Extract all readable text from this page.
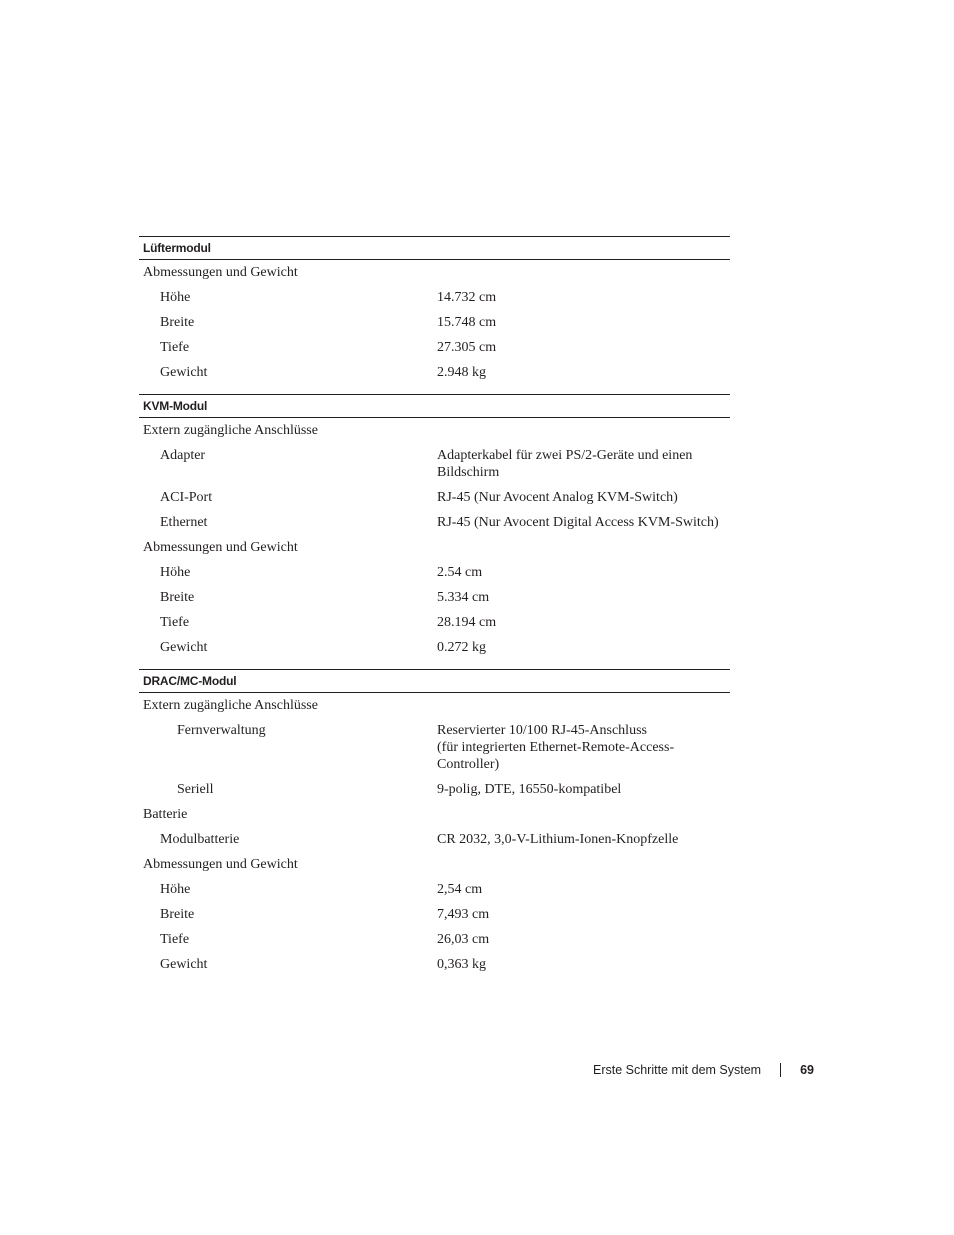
Lüftermodul
Abmessungen und Gewicht
Höhe	14.732 cm
Breite	15.748 cm
Tiefe	27.305 cm
Gewicht	2.948 kg
KVM-Modul
Extern zugängliche Anschlüsse
Adapter	Adapterkabel für zwei PS/2-Geräte und einen Bildschirm
ACI-Port	RJ-45 (Nur Avocent Analog KVM-Switch)
Ethernet	RJ-45 (Nur Avocent Digital Access KVM-Switch)
Abmessungen und Gewicht
Höhe	2.54 cm
Breite	5.334 cm
Tiefe	28.194 cm
Gewicht	0.272 kg
DRAC/MC-Modul
Extern zugängliche Anschlüsse
Fernverwaltung	Reservierter 10/100 RJ-45-Anschluss
(für integrierten Ethernet-Remote-Access-Controller)
Seriell	9-polig, DTE, 16550-kompatibel
Batterie
Modulbatterie	CR 2032, 3,0-V-Lithium-Ionen-Knopfzelle
Abmessungen und Gewicht
Höhe	2,54 cm
Breite	7,493 cm
Tiefe	26,03 cm
Gewicht	0,363 kg
Erste Schritte mit dem System	69
